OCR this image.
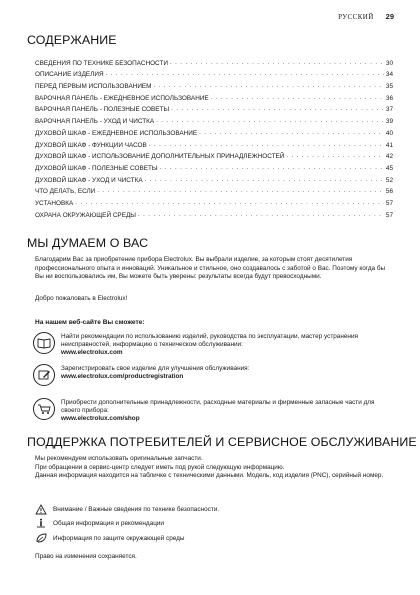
РУССКИЙ 29
СОДЕРЖАНИЕ
СВЕДЕНИЯ ПО ТЕХНИКЕ БЕЗОПАСНОСТИ . . .	30
ОПИСАНИЕ ИЗДЕЛИЯ . . .	34
ПЕРЕД ПЕРВЫМ ИСПОЛЬЗОВАНИЕМ . . .	35
ВАРОЧНАЯ ПАНЕЛЬ - ЕЖЕДНЕВНОЕ ИСПОЛЬЗОВАНИЕ . . .	36
ВАРОЧНАЯ ПАНЕЛЬ - ПОЛЕЗНЫЕ СОВЕТЫ . . .	37
ВАРОЧНАЯ ПАНЕЛЬ - УХОД И ЧИСТКА . . .	39
ДУХОВОЙ ШКАФ - ЕЖЕДНЕВНОЕ ИСПОЛЬЗОВАНИЕ . . .	40
ДУХОВОЙ ШКАФ - ФУНКЦИИ ЧАСОВ . . .	41
ДУХОВОЙ ШКАФ - ИСПОЛЬЗОВАНИЕ ДОПОЛНИТЕЛЬНЫХ ПРИНАДЛЕЖНОСТЕЙ . . .	42
ДУХОВОЙ ШКАФ - ПОЛЕЗНЫЕ СОВЕТЫ . . .	45
ДУХОВОЙ ШКАФ - УХОД И ЧИСТКА . . .	52
ЧТО ДЕЛАТЬ, ЕСЛИ . . .	56
УСТАНОВКА . . .	57
ОХРАНА ОКРУЖАЮЩЕЙ СРЕДЫ . . .	57
МЫ ДУМАЕМ О ВАС

Благодарим Вас за приобретение прибора Electrolux. Вы выбрали изделие, за которым стоят десятилетия профессионального опыта и инноваций. Уникальное и стильное, оно создавалось с заботой о Вас. Поэтому когда бы Вы ни воспользовались им, Вы можете быть уверены: результаты всегда будут превосходными.

Добро пожаловать в Electrolux!

На нашем веб-сайте Вы сможете:

Найти рекомендации по использованию изделий, руководства по эксплуатации, мастер устранения неисправностей, информацию о техническом обслуживании:
www.electrolux.com
Зарегистрировать свое изделие для улучшения обслуживания:
www.electrolux.com/productregistration
Приобрести дополнительные принадлежности, расходные материалы и фирменные запасные части для своего прибора:
www.electrolux.com/shop
ПОДДЕРЖКА ПОТРЕБИТЕЛЕЙ И СЕРВИСНОЕ ОБСЛУЖИВАНИЕ
Мы рекомендуем использовать оригинальные запчасти.
При обращении в сервис-центр следует иметь под рукой следующую информацию.
Данная информация находится на табличке с техническими данными. Модель, код изделия (PNC), серийный номер.
Внимание / Важные сведения по технике безопасности.
Общая информация и рекомендации
Информация по защите окружающей среды

Право на изменения сохраняется.
